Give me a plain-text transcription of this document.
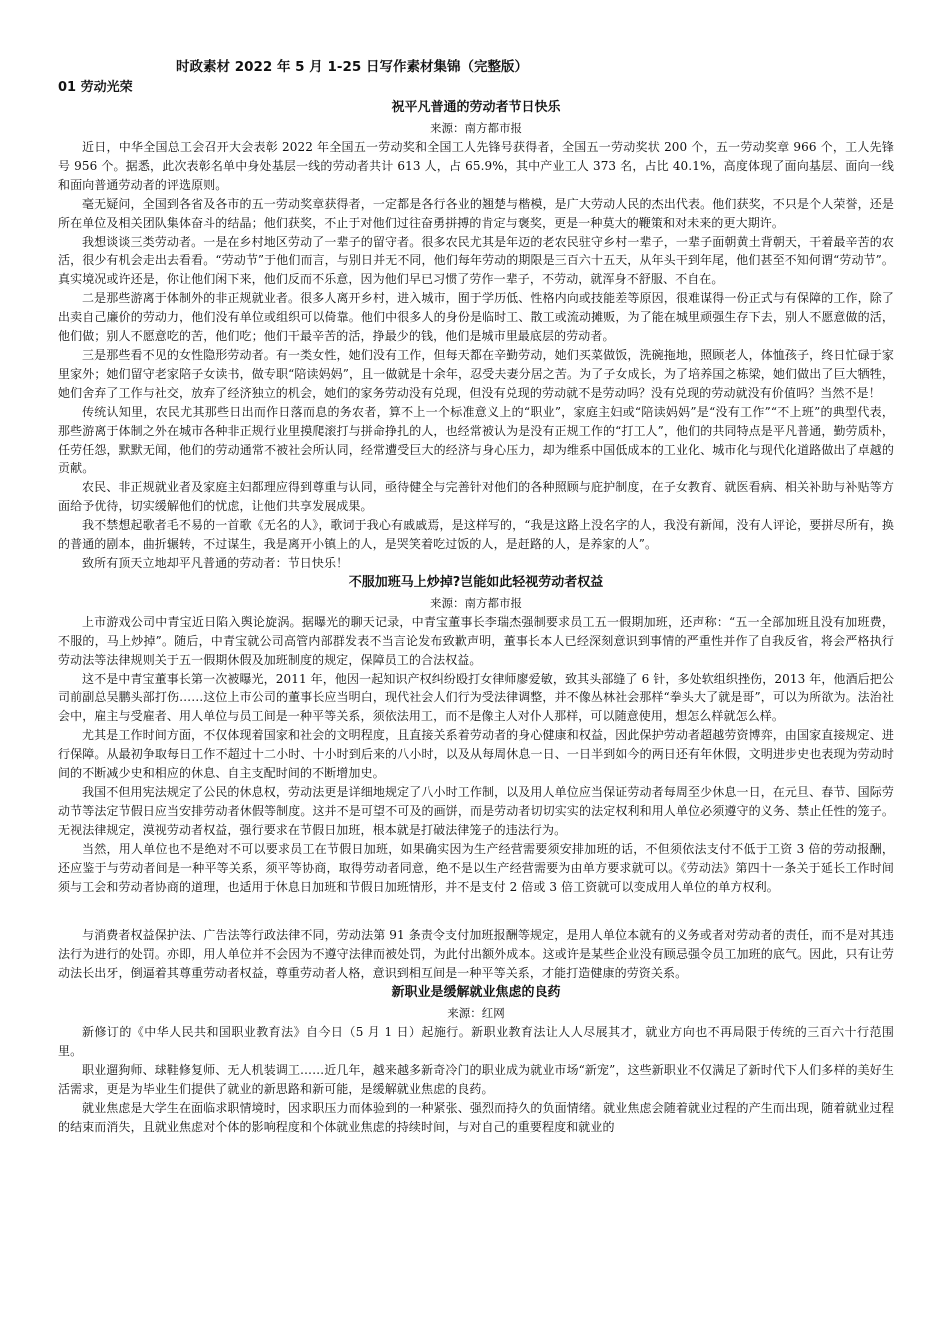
时政素材 2022 年 5 月 1-25 日写作素材集锦（完整版）
01 劳动光荣
祝平凡普通的劳动者节日快乐
来源：南方都市报

近日，中华全国总工会召开大会表彰 2022 年全国五一劳动奖和全国工人先锋号获得者，全国五一劳动奖状 200 个，五一劳动奖章 966 个，工人先锋号 956 个。据悉，此次表彰名单中身处基层一线的劳动者共计 613 人，占 65.9%，其中产业工人 373 名，占比 40.1%，高度体现了面向基层、面向一线和面向普通劳动者的评选原则。

毫无疑问，全国到各省及各市的五一劳动奖章获得者，一定都是各行各业的翘楚与楷模，是广大劳动人民的杰出代表。他们获奖，不只是个人荣誉，还是所在单位及相关团队集体奋斗的结晶；他们获奖，不止于对他们过往奋勇拼搏的肯定与褒奖，更是一种莫大的鞭策和对未来的更大期许。

我想谈谈三类劳动者。一是在乡村地区劳动了一辈子的留守者。很多农民尤其是年迈的老农民驻守乡村一辈子，一辈子面朝黄土背朝天，干着最辛苦的农活，很少有机会走出去看看。“劳动节”于他们而言，与别日并无不同，他们每年劳动的期限是三百六十五天，从年头干到年尾，他们甚至不知何谓“劳动节”。真实境况或许还是，你让他们闲下来，他们反而不乐意，因为他们早已习惯了劳作一辈子，不劳动，就浑身不舒服、不自在。

二是那些游离于体制外的非正规就业者。很多人离开乡村，进入城市，囿于学历低、性格内向或技能差等原因，很难谋得一份正式与有保障的工作，除了出卖自己廉价的劳动力，他们没有单位或组织可以倚靠。他们中很多人的身份是临时工、散工或流动摊贩，为了能在城里顽强生存下去，别人不愿意做的活，他们做；别人不愿意吃的苦，他们吃；他们干最辛苦的活，挣最少的钱，他们是城市里最底层的劳动者。

三是那些看不见的女性隐形劳动者。有一类女性，她们没有工作，但每天都在辛勤劳动，她们买菜做饭，洗碗拖地，照顾老人，体恤孩子，终日忙碌于家里家外；她们留守老家陪子女读书，做专职“陪读妈妈”，且一做就是十余年，忍受夫妻分居之苦。为了子女成长，为了培养国之栋梁，她们做出了巨大牺牲，她们舍弃了工作与社交，放弃了经济独立的机会，她们的家务劳动没有兑现，但没有兑现的劳动就不是劳动吗？没有兑现的劳动就没有价值吗？当然不是！

传统认知里，农民尤其那些日出而作日落而息的务农者，算不上一个标准意义上的“职业”，家庭主妇或“陪读妈妈”是“没有工作”“不上班”的典型代表，那些游离于体制之外在城市各种非正规行业里摸爬滚打与拼命挣扎的人，也经常被认为是没有正规工作的“打工人”，他们的共同特点是平凡普通，勤劳质朴，任劳任怨，默默无闻，他们的劳动通常不被社会所认同，经常遭受巨大的经济与身心压力，却为维系中国低成本的工业化、城市化与现代化道路做出了卓越的贡献。

农民、非正规就业者及家庭主妇都理应得到尊重与认同，亟待健全与完善针对他们的各种照顾与庇护制度，在子女教育、就医看病、相关补助与补贴等方面给予优待，切实缓解他们的忧虑，让他们共享发展成果。

我不禁想起歌者毛不易的一首歌《无名的人》，歌词于我心有戚戚焉，是这样写的，“我是这路上没名字的人，我没有新闻，没有人评论，要拼尽所有，换的普通的剧本，曲折辗转，不过谋生，我是离开小镇上的人，是哭笑着吃过饭的人，是赶路的人，是养家的人”。

致所有顶天立地却平凡普通的劳动者：节日快乐！

不服加班马上炒掉?岂能如此轻视劳动者权益
来源：南方都市报

上市游戏公司中青宝近日陷入舆论旋涡。据曝光的聊天记录，中青宝董事长李瑞杰强制要求员工五一假期加班，还声称：“五一全部加班且没有加班费，不服的，马上炒掉”。随后，中青宝就公司高管内部群发表不当言论发布致歉声明，董事长本人已经深刻意识到事情的严重性并作了自我反省，将会严格执行劳动法等法律规则关于五一假期休假及加班制度的规定，保障员工的合法权益。

这不是中青宝董事长第一次被曝光，2011 年，他因一起知识产权纠纷殴打女律师廖爱敏，致其头部缝了 6 针，多处软组织挫伤，2013 年，他酒后把公司前副总吴鹏头部打伤……这位上市公司的董事长应当明白，现代社会人们行为受法律调整，并不像丛林社会那样“拳头大了就是哥”，可以为所欲为。法治社会中，雇主与受雇者、用人单位与员工间是一种平等关系，须依法用工，而不是像主人对仆人那样，可以随意使用，想怎么样就怎么样。

尤其是工作时间方面，不仅体现着国家和社会的文明程度，且直接关系着劳动者的身心健康和权益，因此保护劳动者超越劳资博弈，由国家直接规定、进行保障。从最初争取每日工作不超过十二小时、十小时到后来的八小时，以及从每周休息一日、一日半到如今的两日还有年休假，文明进步史也表现为劳动时间的不断减少史和相应的休息、自主支配时间的不断增加史。

我国不但用宪法规定了公民的休息权，劳动法更是详细地规定了八小时工作制，以及用人单位应当保证劳动者每周至少休息一日，在元旦、春节、国际劳动节等法定节假日应当安排劳动者休假等制度。这并不是可望不可及的画饼，而是劳动者切切实实的法定权利和用人单位必须遵守的义务、禁止任性的笼子。无视法律规定，漠视劳动者权益，强行要求在节假日加班，根本就是打破法律笼子的违法行为。

当然，用人单位也不是绝对不可以要求员工在节假日加班，如果确实因为生产经营需要须安排加班的话，不但须依法支付不低于工资 3 倍的劳动报酬，还应鉴于与劳动者间是一种平等关系，须平等协商，取得劳动者同意，绝不是以生产经营需要为由单方要求就可以。《劳动法》第四十一条关于延长工作时间须与工会和劳动者协商的道理，也适用于休息日加班和节假日加班情形，并不是支付 2 倍或 3 倍工资就可以变成用人单位的单方权利。

与消费者权益保护法、广告法等行政法律不同，劳动法第 91 条责令支付加班报酬等规定，是用人单位本就有的义务或者对劳动者的责任，而不是对其违法行为进行的处罚。亦即，用人单位并不会因为不遵守法律而被处罚，为此付出额外成本。这或许是某些企业没有顾忌强令员工加班的底气。因此，只有让劳动法长出牙，倒逼着其尊重劳动者权益，尊重劳动者人格，意识到相互间是一种平等关系，才能打造健康的劳资关系。

新职业是缓解就业焦虑的良药
来源：红网

新修订的《中华人民共和国职业教育法》自今日（5 月 1 日）起施行。新职业教育法让人人尽展其才，就业方向也不再局限于传统的三百六十行范围里。

职业遛狗师、球鞋修复师、无人机装调工……近几年，越来越多新奇冷门的职业成为就业市场“新宠”，这些新职业不仅满足了新时代下人们多样的美好生活需求，更是为毕业生们提供了就业的新思路和新可能，是缓解就业焦虑的良药。

就业焦虑是大学生在面临求职情境时，因求职压力而体验到的一种紧张、强烈而持久的负面情绪。就业焦虑会随着就业过程的产生而出现，随着就业过程的结束而消失，且就业焦虑对个体的影响程度和个体就业焦虑的持续时间，与对自己的重要程度和就业的
